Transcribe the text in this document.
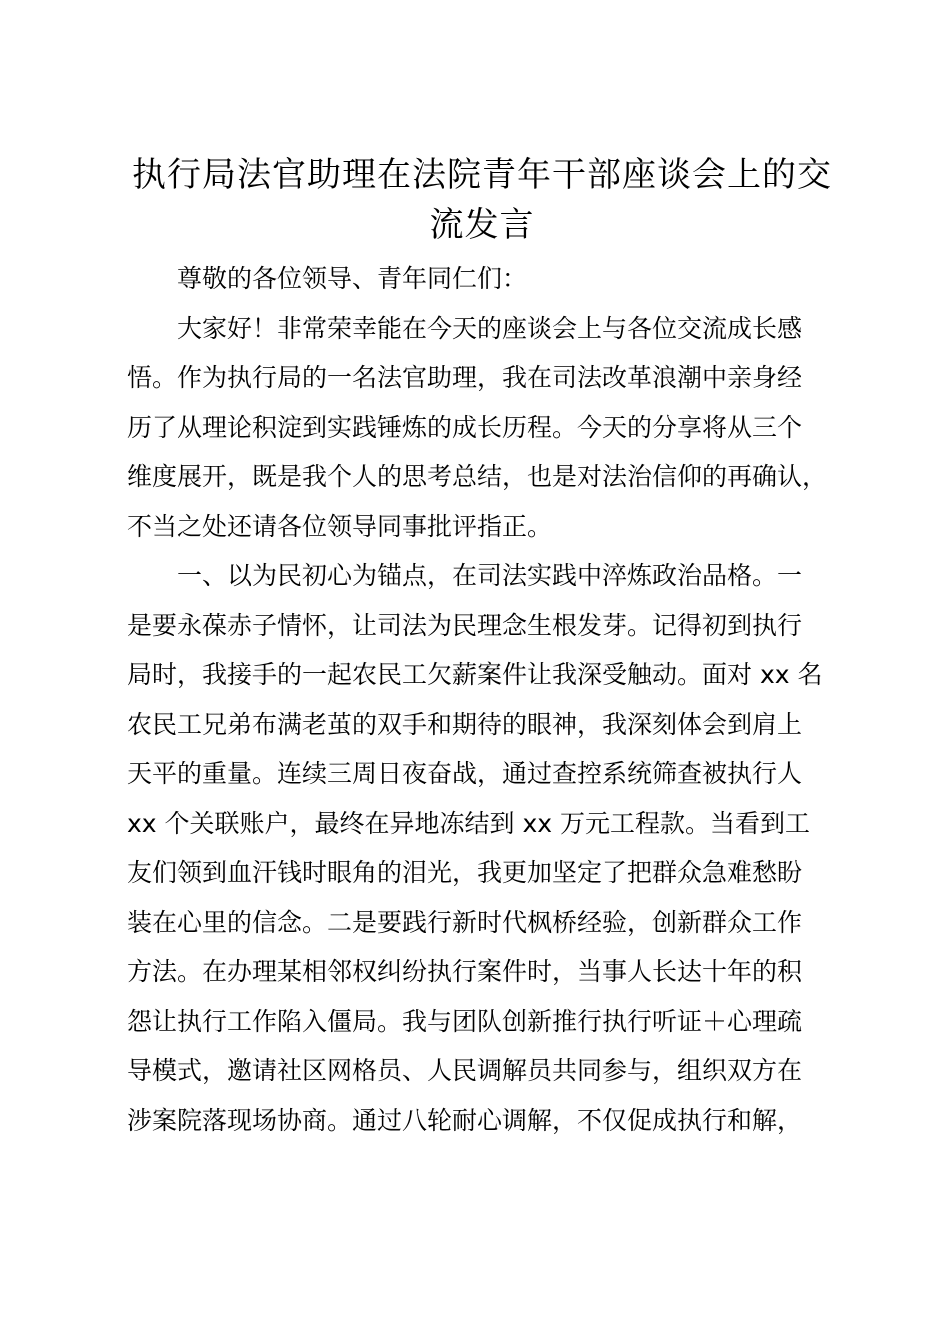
执行局法官助理在法院青年干部座谈会上的交
流发言
尊敬的各位领导、青年同仁们：
大家好！非常荣幸能在今天的座谈会上与各位交流成长感
悟。作为执行局的一名法官助理，我在司法改革浪潮中亲身经
历了从理论积淀到实践锤炼的成长历程。今天的分享将从三个
维度展开，既是我个人的思考总结，也是对法治信仰的再确认，
不当之处还请各位领导同事批评指正。
一、以为民初心为锚点，在司法实践中淬炼政治品格。一
是要永葆赤子情怀，让司法为民理念生根发芽。记得初到执行
局时，我接手的一起农民工欠薪案件让我深受触动。面对 xx 名
农民工兄弟布满老茧的双手和期待的眼神，我深刻体会到肩上
天平的重量。连续三周日夜奋战，通过查控系统筛查被执行人
xx 个关联账户，最终在异地冻结到 xx 万元工程款。当看到工
友们领到血汗钱时眼角的泪光，我更加坚定了把群众急难愁盼
装在心里的信念。二是要践行新时代枫桥经验，创新群众工作
方法。在办理某相邻权纠纷执行案件时，当事人长达十年的积
怨让执行工作陷入僵局。我与团队创新推行执行听证＋心理疏
导模式，邀请社区网格员、人民调解员共同参与，组织双方在
涉案院落现场协商。通过八轮耐心调解，不仅促成执行和解，
